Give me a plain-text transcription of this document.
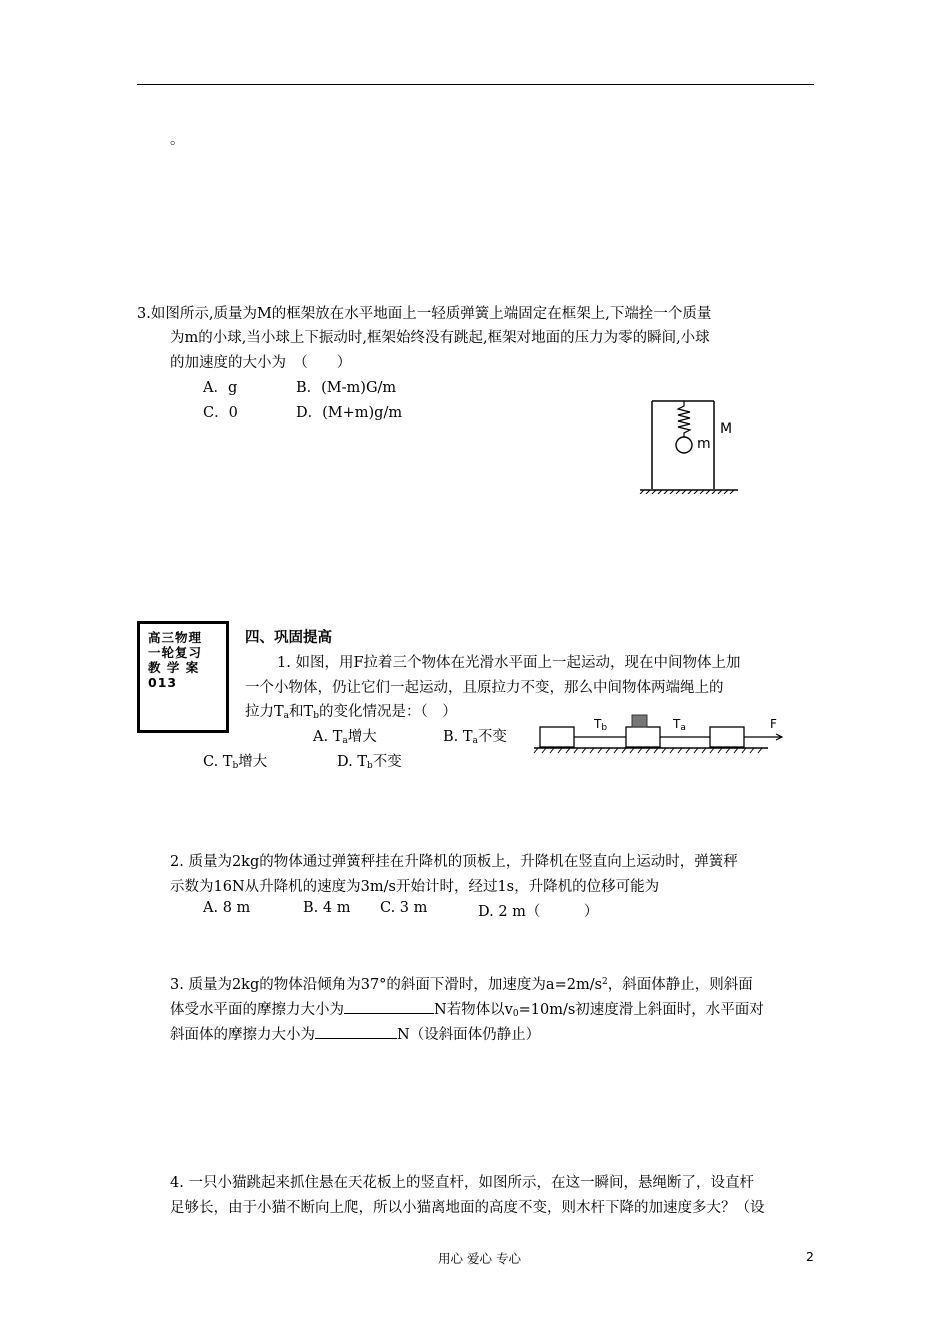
。
3.如图所示,质量为M的框架放在水平地面上一轻质弹簧上端固定在框架上,下端拴一个质量
为m的小球,当小球上下振动时,框架始终没有跳起,框架对地面的压力为零的瞬间,小球
的加速度的大小为　（　　）
A．g	B．(M-m)G/m
C．0	D．(M+m)g/m
M
m
高三物理
一轮复习
教 学 案
013
四、巩固提高
1. 如图，用F拉着三个物体在光滑水平面上一起运动，现在中间物体上加
一个小物体，仍让它们一起运动，且原拉力不变，那么中间物体两端绳上的
拉力$T_a$和$T_b$的变化情况是：（　）
A. $T_a$增大	B. $T_a$不变
C. $T_b$增大	D. $T_b$不变
$T_b$	$T_a$	F
2. 质量为2kg的物体通过弹簧秤挂在升降机的顶板上，升降机在竖直向上运动时，弹簧秤
示数为16N从升降机的速度为3m/s开始计时，经过1s，升降机的位移可能为
A. 8 m	B. 4 m C. 3 m	D. 2 m（　　　）
3. 质量为2kg的物体沿倾角为37°的斜面下滑时，加速度为$a=2m/s^2$，斜面体静止，则斜面
体受水平面的摩擦力大小为	N若物体以$v_0=10m/s$初速度滑上斜面时，水平面对
斜面体的摩擦力大小为	N（设斜面体仍静止）
4. 一只小猫跳起来抓住悬在天花板上的竖直杆，如图所示，在这一瞬间，悬绳断了，设直杆
足够长，由于小猫不断向上爬，所以小猫离地面的高度不变，则木杆下降的加速度多大？（设
用心 爱心 专心	2
